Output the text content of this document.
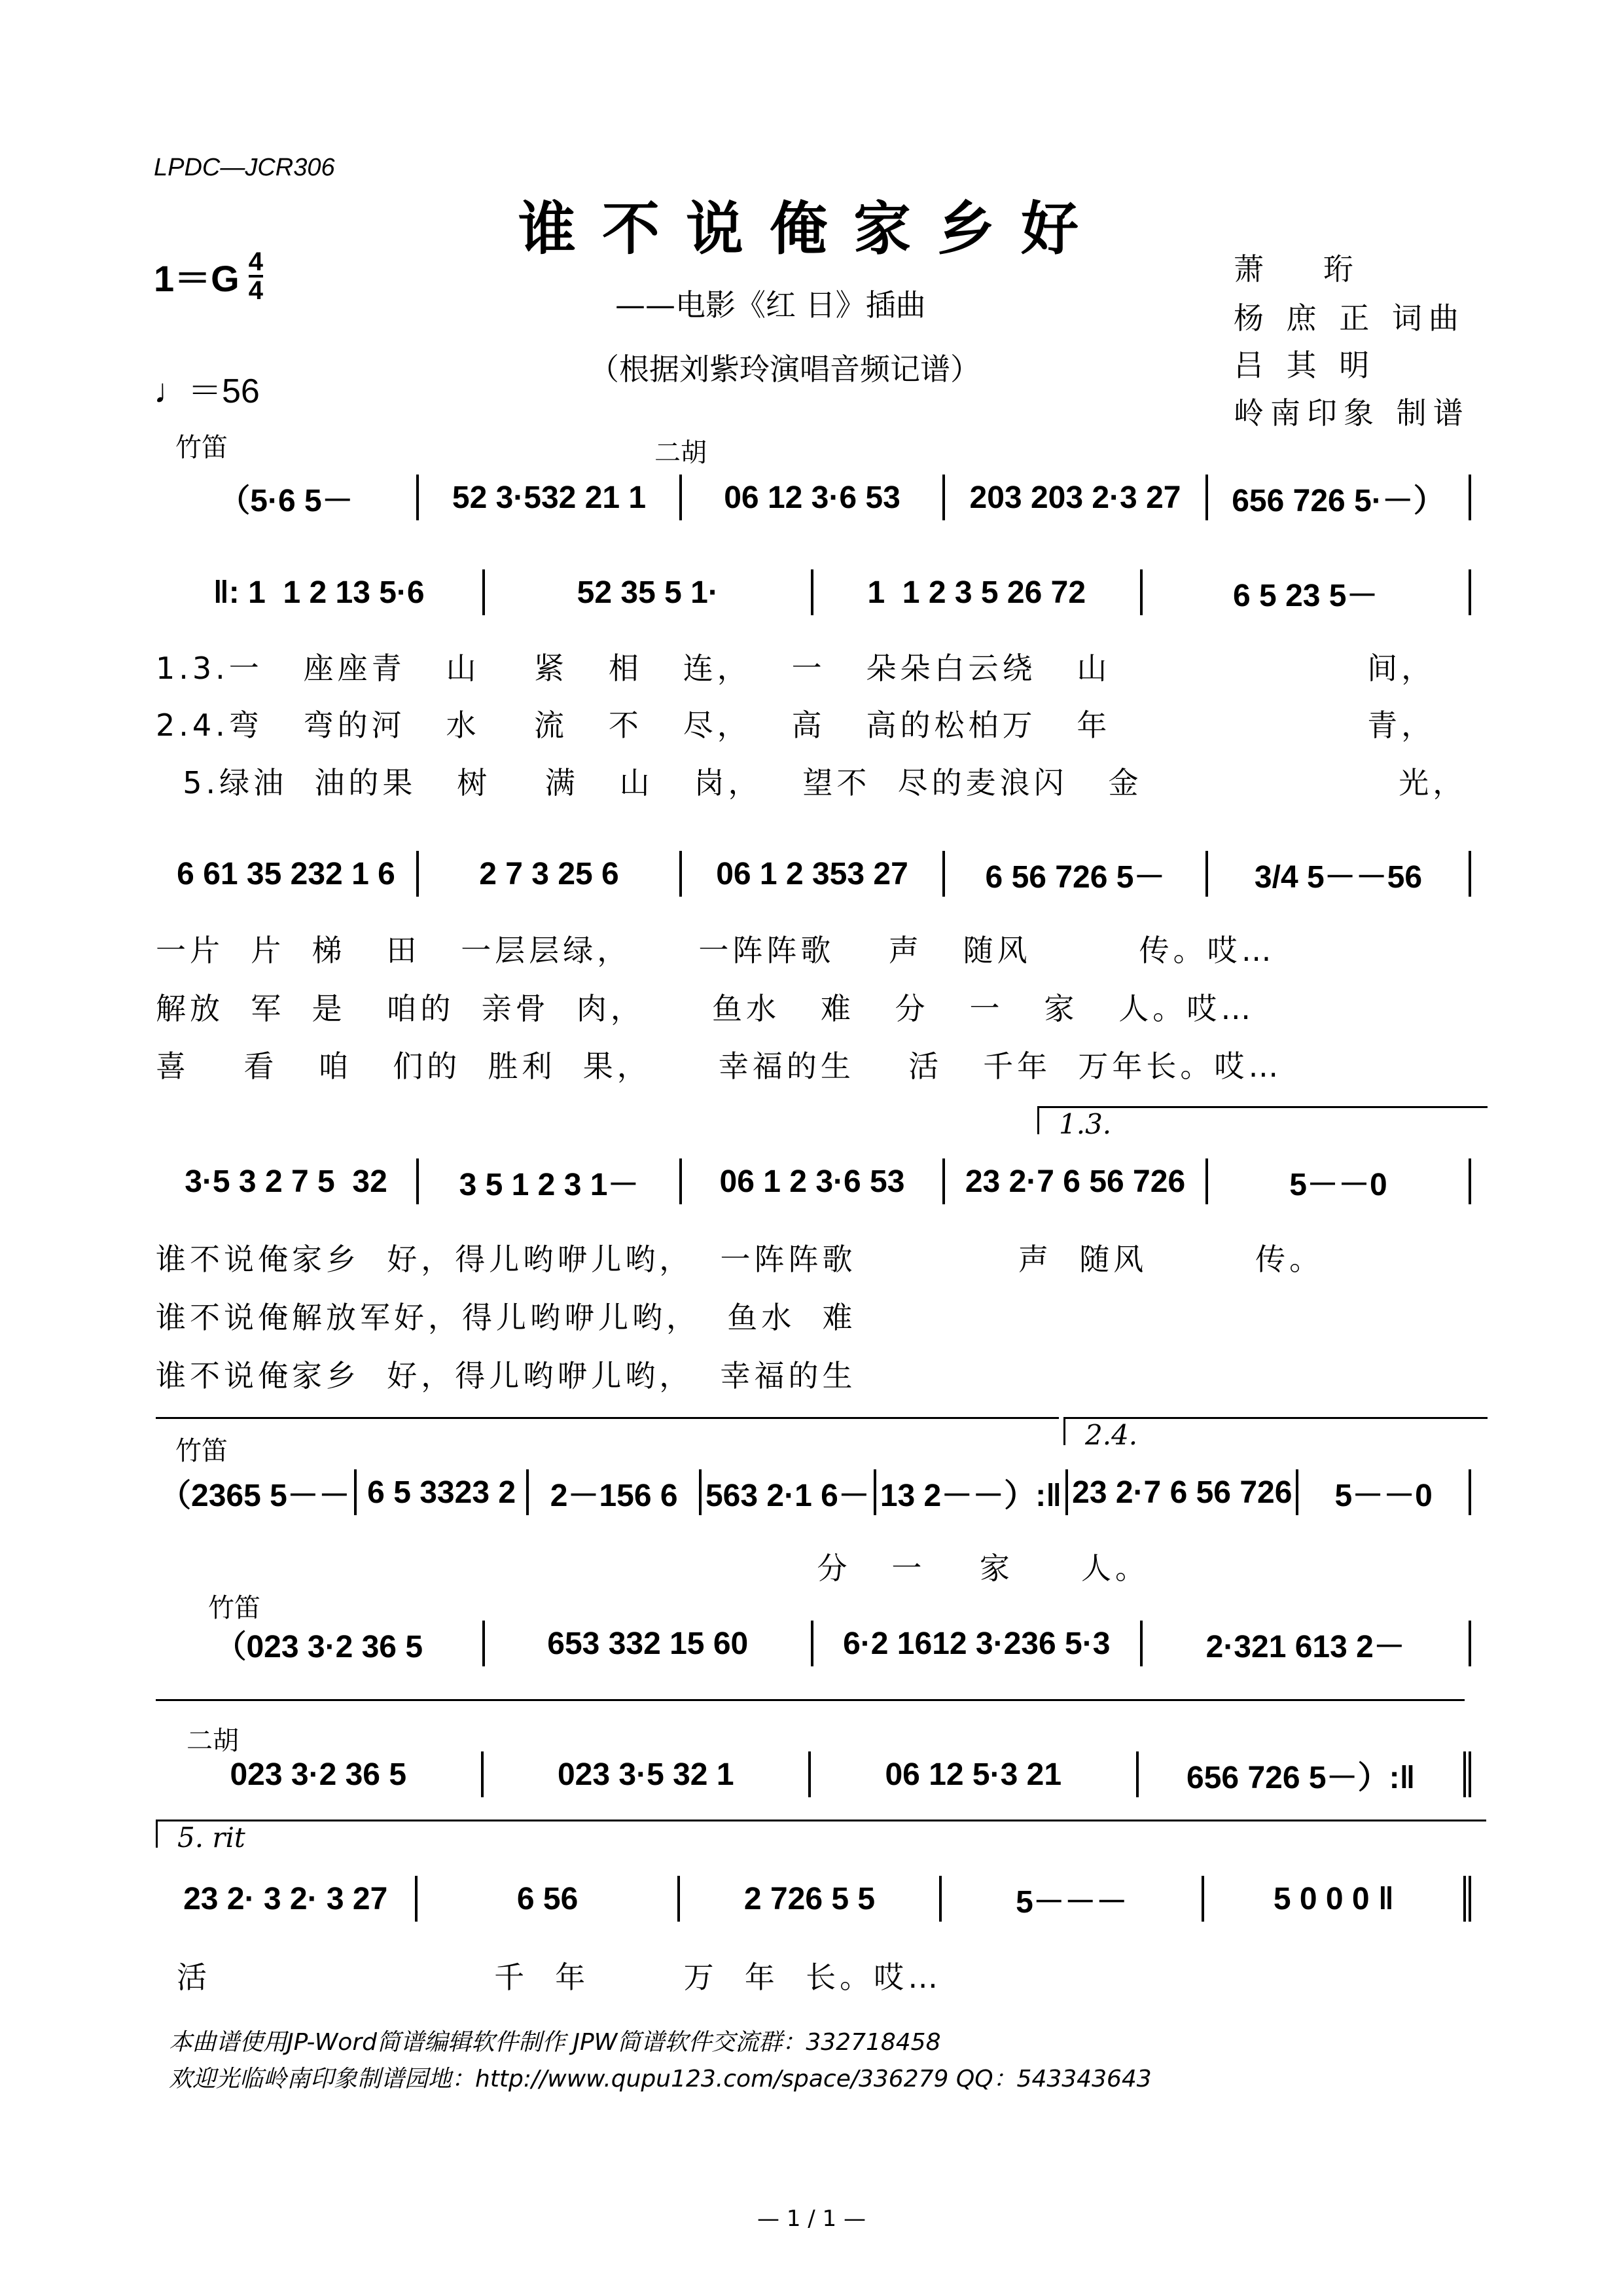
LPDC—JCR306
谁不说俺家乡好
$1=G \frac{4}{4}$
♩＝56
——电影《红 日》插曲
（根据刘紫玲演唱音频记谱）
萧　 珩
杨 庶 正 词曲
吕 其 明
岭南印象 制谱
竹笛	二胡
（5·6 5－	52 3·532 21 1	06 12 3·6 53	203 203 2·3 27	656 726 5·－）
‖: 1  1 2 13 5·6	52 35 5 1·	1  1 2 3 5 26 72	6 5 23 5－
6 61 35 232 1 6	2 7 3 25 6	06 1 2 353 27	6 56 726 5－	3/4 5－－56
3·5 3 2 7 5  32	3 5 1 2 3 1－	06 1 2 3·6 53	23 2·7 6 56 726	5－－0
（2365 5－－ 6 5 3323 2	2－156 6 563 2·1 6－ 13 2－－）:‖ 23 2·7 6 56 726	5－－0
（023 3·2 36 5	653 332 15 60	6·2 1612 3·236 5·3	2·321 613 2－
023 3·2 36 5	023 3·5 32 1	06 12 5·3 21	656 726 5－）:‖
23 2· 3 2· 3 27	6 56	2 726 5 5	5－－－	5 0 0 0 ‖
1.3.一   座座青   山    紧   相   连，   一   朵朵白云绕   山                   间，
2.4.弯   弯的河   水    流   不   尽，   高   高的松柏万   年                   青，
5.绿油  油的果   树    满   山   岗，   望不  尽的麦浪闪   金                   光，
一片  片  梯   田   一层层绿，     一阵阵歌    声   随风        传。哎…
解放  军  是   咱的  亲骨  肉，     鱼水   难   分   一   家   人。哎…
喜    看   咱   们的  胜利  果，     幸福的生    活   千年  万年长。哎…
1.3.
谁不说俺家乡  好，得儿哟咿儿哟，  一阵阵歌            声  随风        传。
谁不说俺解放军好，得儿哟咿儿哟，  鱼水  难
谁不说俺家乡  好，得儿哟咿儿哟，  幸福的生
竹笛	2.4.
分   一    家     人。
竹笛
二胡
5. rit
活                     千  年       万  年  长。哎…
本曲谱使用JP-Word简谱编辑软件制作 JPW简谱软件交流群：332718458
欢迎光临岭南印象制谱园地：http://www.qupu123.com/space/336279 QQ：543343643
— 1 / 1 —
